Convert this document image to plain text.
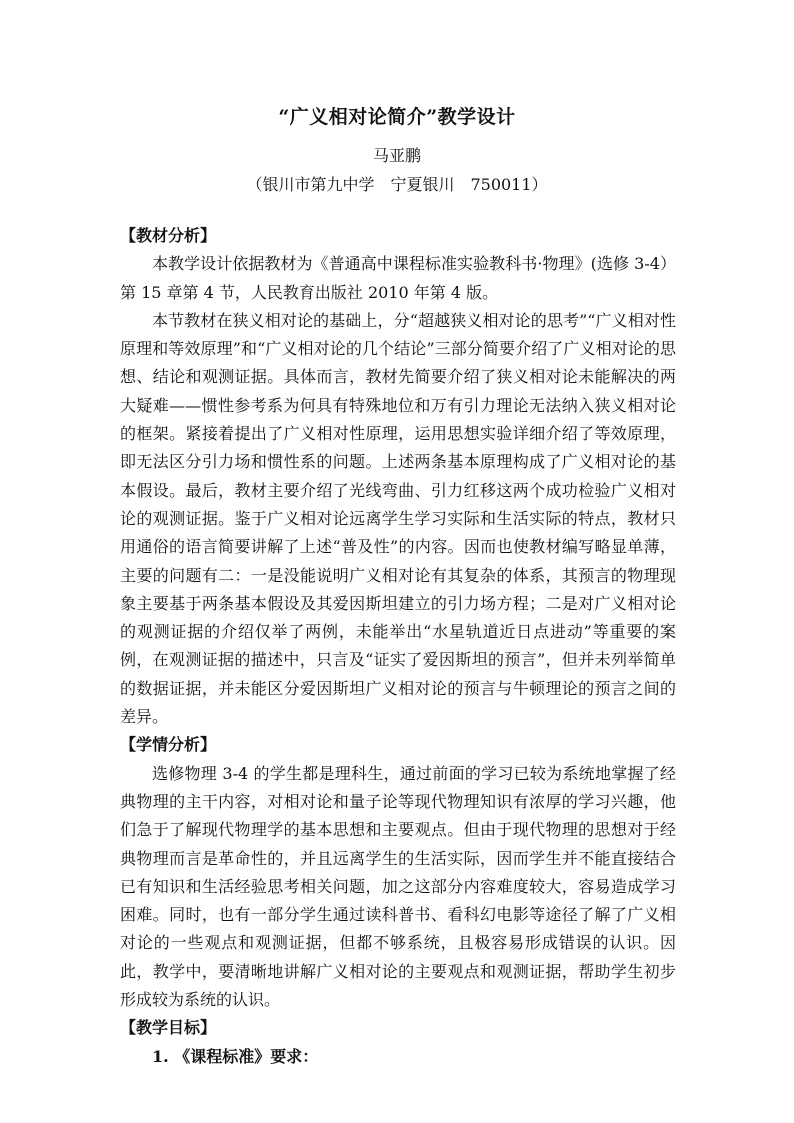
“广义相对论简介”教学设计
马亚鹏
（银川市第九中学　宁夏银川　750011）

【教材分析】

本教学设计依据教材为《普通高中课程标准实验教科书·物理》(选修 3-4）第 15 章第 4 节，人民教育出版社 2010 年第 4 版。

本节教材在狭义相对论的基础上，分“超越狭义相对论的思考”“广义相对性原理和等效原理”和“广义相对论的几个结论”三部分简要介绍了广义相对论的思想、结论和观测证据。具体而言，教材先简要介绍了狭义相对论未能解决的两大疑难——惯性参考系为何具有特殊地位和万有引力理论无法纳入狭义相对论的框架。紧接着提出了广义相对性原理，运用思想实验详细介绍了等效原理，即无法区分引力场和惯性系的问题。上述两条基本原理构成了广义相对论的基本假设。最后，教材主要介绍了光线弯曲、引力红移这两个成功检验广义相对论的观测证据。鉴于广义相对论远离学生学习实际和生活实际的特点，教材只用通俗的语言简要讲解了上述“普及性”的内容。因而也使教材编写略显单薄，主要的问题有二：一是没能说明广义相对论有其复杂的体系，其预言的物理现象主要基于两条基本假设及其爱因斯坦建立的引力场方程；二是对广义相对论的观测证据的介绍仅举了两例，未能举出“水星轨道近日点进动”等重要的案例，在观测证据的描述中，只言及“证实了爱因斯坦的预言”，但并未列举简单的数据证据，并未能区分爱因斯坦广义相对论的预言与牛顿理论的预言之间的差异。

【学情分析】

选修物理 3-4 的学生都是理科生，通过前面的学习已较为系统地掌握了经典物理的主干内容，对相对论和量子论等现代物理知识有浓厚的学习兴趣，他们急于了解现代物理学的基本思想和主要观点。但由于现代物理的思想对于经典物理而言是革命性的，并且远离学生的生活实际，因而学生并不能直接结合已有知识和生活经验思考相关问题，加之这部分内容难度较大，容易造成学习困难。同时，也有一部分学生通过读科普书、看科幻电影等途径了解了广义相对论的一些观点和观测证据，但都不够系统，且极容易形成错误的认识。因此，教学中，要清晰地讲解广义相对论的主要观点和观测证据，帮助学生初步形成较为系统的认识。

【教学目标】

1. 《课程标准》要求：
